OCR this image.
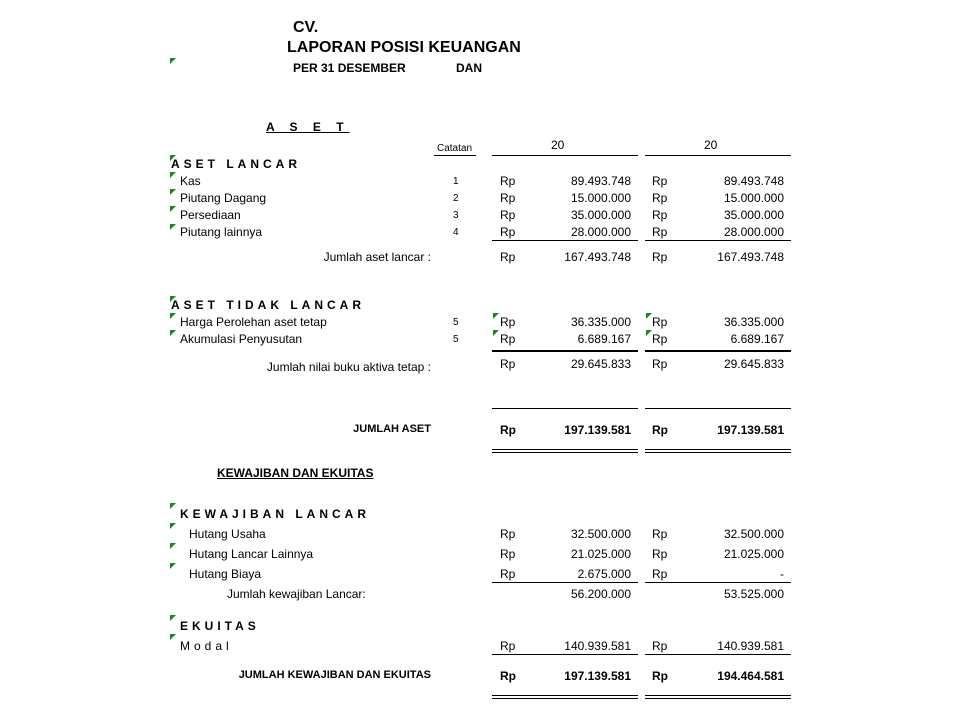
CV.
LAPORAN POSISI KEUANGAN
PER 31 DESEMBER	DAN
A S E T
Catatan	20	20
ASET LANCAR
Kas	1	Rp	89.493.748 Rp	89.493.748
Piutang Dagang	2	Rp	15.000.000 Rp	15.000.000
Persediaan	3	Rp	35.000.000 Rp	35.000.000
Piutang lainnya	4	Rp	28.000.000 Rp	28.000.000
Jumlah aset lancar :	Rp	167.493.748 Rp	167.493.748
ASET TIDAK LANCAR
Harga Perolehan aset tetap	5	Rp	36.335.000 Rp	36.335.000
Akumulasi Penyusutan	5	Rp	6.689.167 Rp	6.689.167
Jumlah nilai buku aktiva tetap :	Rp	29.645.833 Rp	29.645.833
JUMLAH ASET	Rp	197.139.581 Rp	197.139.581
KEWAJIBAN DAN EKUITAS
KEWAJIBAN LANCAR
Hutang Usaha	Rp	32.500.000 Rp	32.500.000
Hutang Lancar Lainnya	Rp	21.025.000 Rp	21.025.000
Hutang Biaya	Rp	2.675.000 Rp	-
Jumlah kewajiban Lancar:	56.200.000	53.525.000
EKUITAS
Modal	Rp	140.939.581 Rp	140.939.581
JUMLAH KEWAJIBAN DAN EKUITAS	Rp	197.139.581 Rp	194.464.581
